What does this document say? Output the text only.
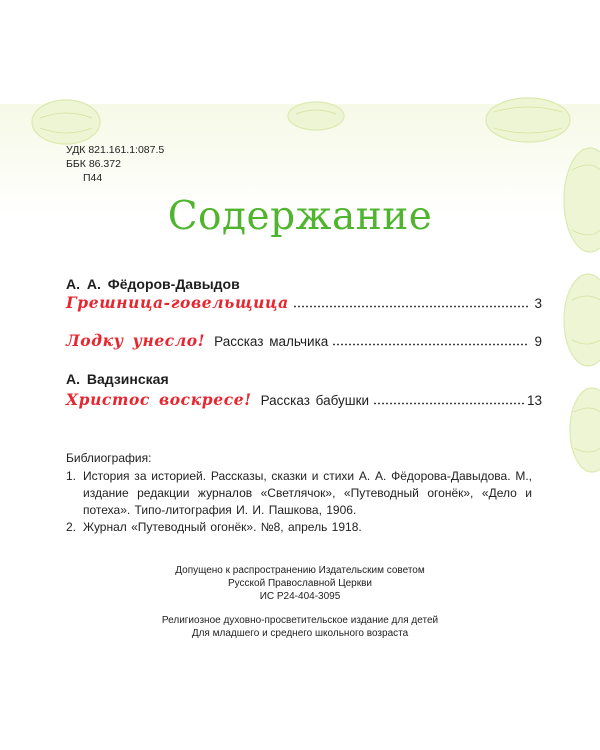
УДК 821.161.1:087.5
ББК 86.372
П44
Содержание
А. А. Фёдоров-Давыдов
Грешница-говельщица	3
Лодку унесло! Рассказ мальчика	9
А. Вадзинская
Христос воскресе! Рассказ бабушки	13
Библиография:
1. История за историей. Рассказы, сказки и стихи А. А. Фёдорова-Давыдова. М., издание редакции журналов «Светлячок», «Путеводный огонёк», «Дело и потеха». Типо-литография И. И. Пашкова, 1906.
2. Журнал «Путеводный огонёк». №8, апрель 1918.
Допущено к распространению Издательским советом
Русской Православной Церкви
ИС Р24-404-3095
Религиозное духовно-просветительское издание для детей
Для младшего и среднего школьного возраста
